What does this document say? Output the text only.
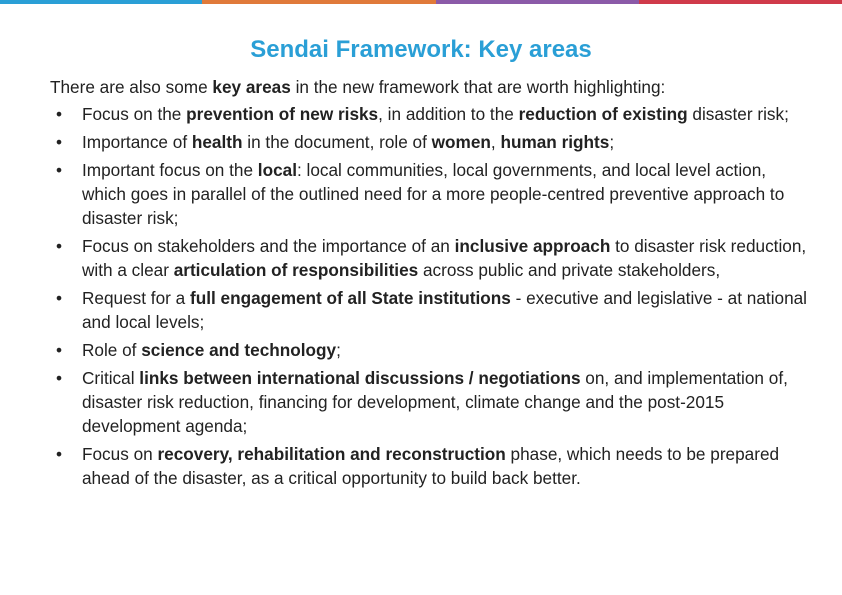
Sendai Framework: Key areas

There are also some key areas in the new framework that are worth highlighting:

• Focus on the prevention of new risks, in addition to the reduction of existing disaster risk;
• Importance of health in the document, role of women, human rights;
• Important focus on the local: local communities, local governments, and local level action, which goes in parallel of the outlined need for a more people-centred preventive approach to disaster risk;
• Focus on stakeholders and the importance of an inclusive approach to disaster risk reduction, with a clear articulation of responsibilities across public and private stakeholders,
• Request for a full engagement of all State institutions - executive and legislative - at national and local levels;
• Role of science and technology;
• Critical links between international discussions / negotiations on, and implementation of, disaster risk reduction, financing for development, climate change and the post-2015 development agenda;
• Focus on recovery, rehabilitation and reconstruction phase, which needs to be prepared ahead of the disaster, as a critical opportunity to build back better.
